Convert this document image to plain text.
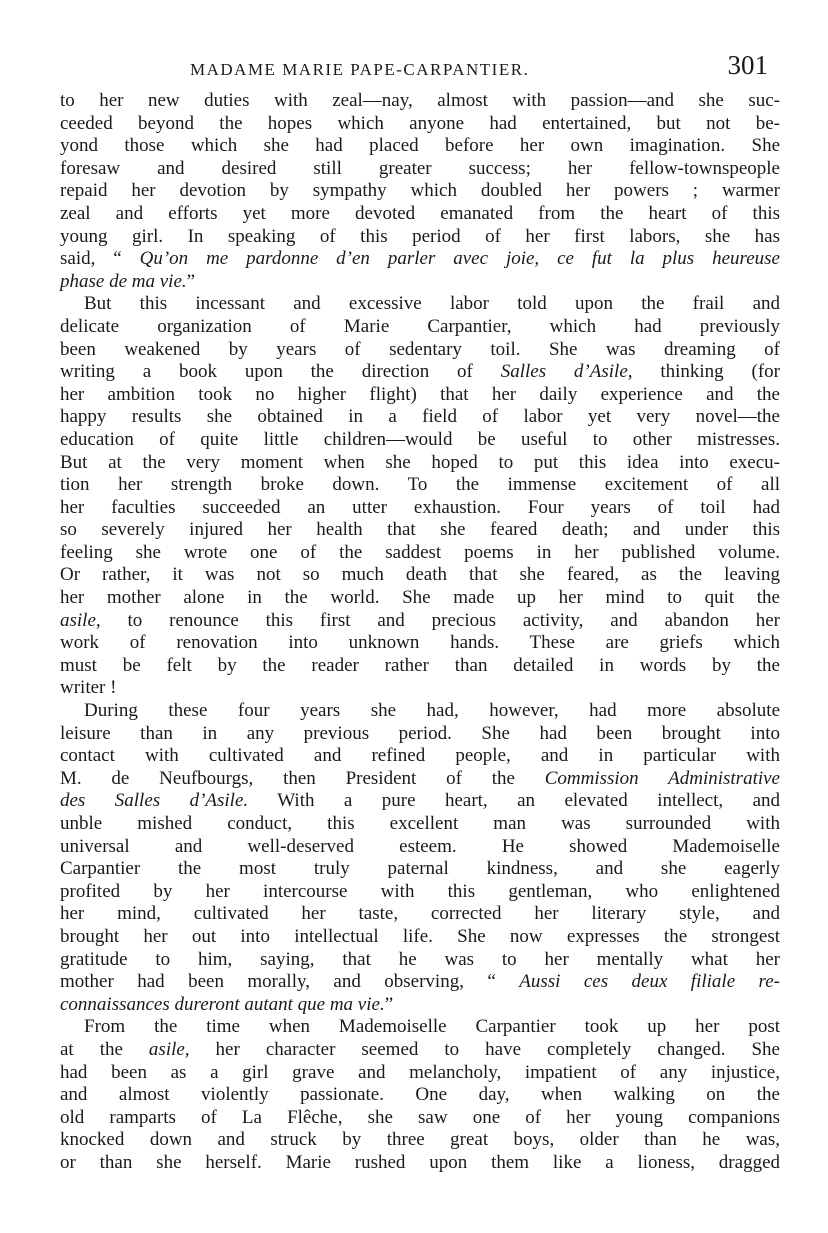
MADAME MARIE PAPE-CARPANTIER.	301
to her new duties with zeal—nay, almost with passion—and she suc-
ceeded beyond the hopes which anyone had entertained, but not be-
yond those which she had placed before her own imagination. She
foresaw and desired still greater success; her fellow-townspeople
repaid her devotion by sympathy which doubled her powers ; warmer
zeal and efforts yet more devoted emanated from the heart of this
young girl. In speaking of this period of her first labors, she has
said, “ Qu’on me pardonne d’en parler avec joie, ce fut la plus heureuse
phase de ma vie.”
But this incessant and excessive labor told upon the frail and
delicate organization of Marie Carpantier, which had previously
been weakened by years of sedentary toil. She was dreaming of
writing a book upon the direction of Salles d’Asile, thinking (for
her ambition took no higher flight) that her daily experience and the
happy results she obtained in a field of labor yet very novel—the
education of quite little children—would be useful to other mistresses.
But at the very moment when she hoped to put this idea into execu-
tion her strength broke down. To the immense excitement of all
her faculties succeeded an utter exhaustion. Four years of toil had
so severely injured her health that she feared death; and under this
feeling she wrote one of the saddest poems in her published volume.
Or rather, it was not so much death that she feared, as the leaving
her mother alone in the world. She made up her mind to quit the
asile, to renounce this first and precious activity, and abandon her
work of renovation into unknown hands. These are griefs which
must be felt by the reader rather than detailed in words by the
writer !
During these four years she had, however, had more absolute
leisure than in any previous period. She had been brought into
contact with cultivated and refined people, and in particular with
M. de Neufbourgs, then President of the Commission Administrative
des Salles d’Asile. With a pure heart, an elevated intellect, and
unble mished conduct, this excellent man was surrounded with
universal and well-deserved esteem. He showed Mademoiselle
Carpantier the most truly paternal kindness, and she eagerly
profited by her intercourse with this gentleman, who enlightened
her mind, cultivated her taste, corrected her literary style, and
brought her out into intellectual life. She now expresses the strongest
gratitude to him, saying, that he was to her mentally what her
mother had been morally, and observing, “ Aussi ces deux filiale re-
connaissances dureront autant que ma vie.”
From the time when Mademoiselle Carpantier took up her post
at the asile, her character seemed to have completely changed. She
had been as a girl grave and melancholy, impatient of any injustice,
and almost violently passionate. One day, when walking on the
old ramparts of La Flêche, she saw one of her young companions
knocked down and struck by three great boys, older than he was,
or than she herself. Marie rushed upon them like a lioness, dragged
